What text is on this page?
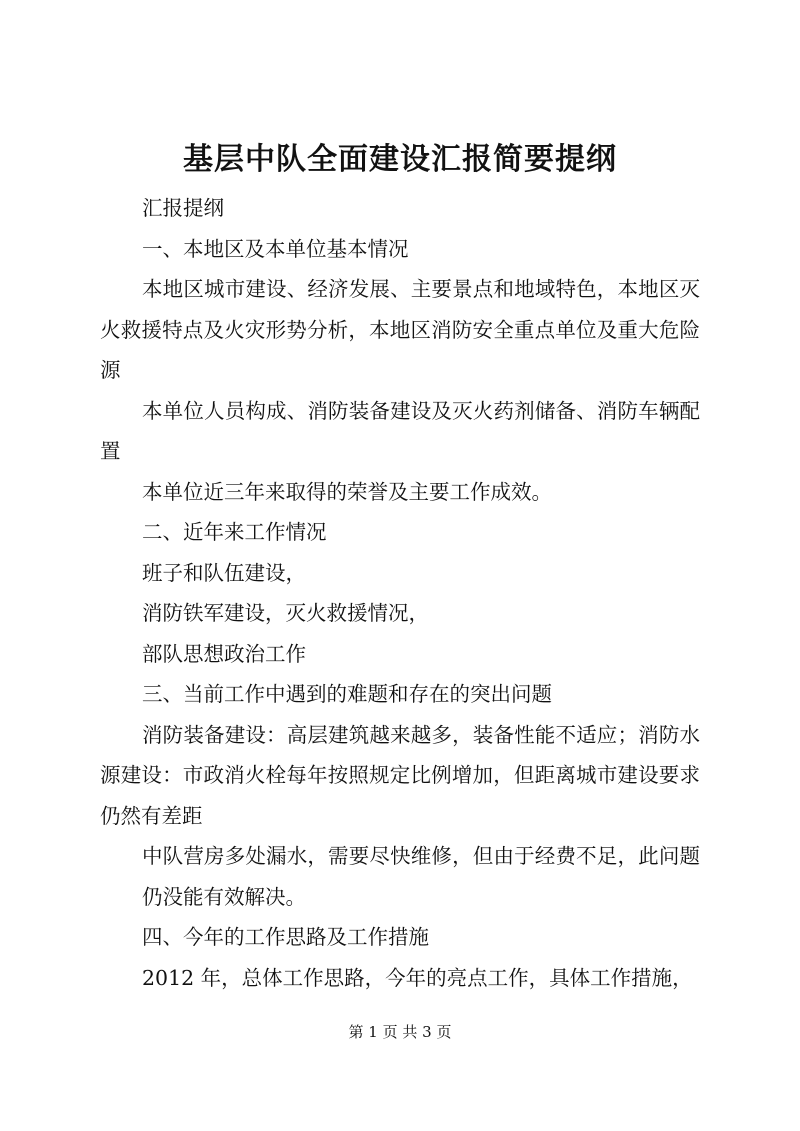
基层中队全面建设汇报简要提纲

汇报提纲

一、本地区及本单位基本情况

本地区城市建设、经济发展、主要景点和地域特色，本地区灭火救援特点及火灾形势分析，本地区消防安全重点单位及重大危险源

本单位人员构成、消防装备建设及灭火药剂储备、消防车辆配置

本单位近三年来取得的荣誉及主要工作成效。

二、近年来工作情况

班子和队伍建设，

消防铁军建设，灭火救援情况，

部队思想政治工作

三、当前工作中遇到的难题和存在的突出问题

消防装备建设：高层建筑越来越多，装备性能不适应；消防水源建设：市政消火栓每年按照规定比例增加，但距离城市建设要求仍然有差距

中队营房多处漏水，需要尽快维修，但由于经费不足，此问题仍没能有效解决。

四、今年的工作思路及工作措施

2012 年，总体工作思路，今年的亮点工作，具体工作措施，

第 1 页 共 3 页
